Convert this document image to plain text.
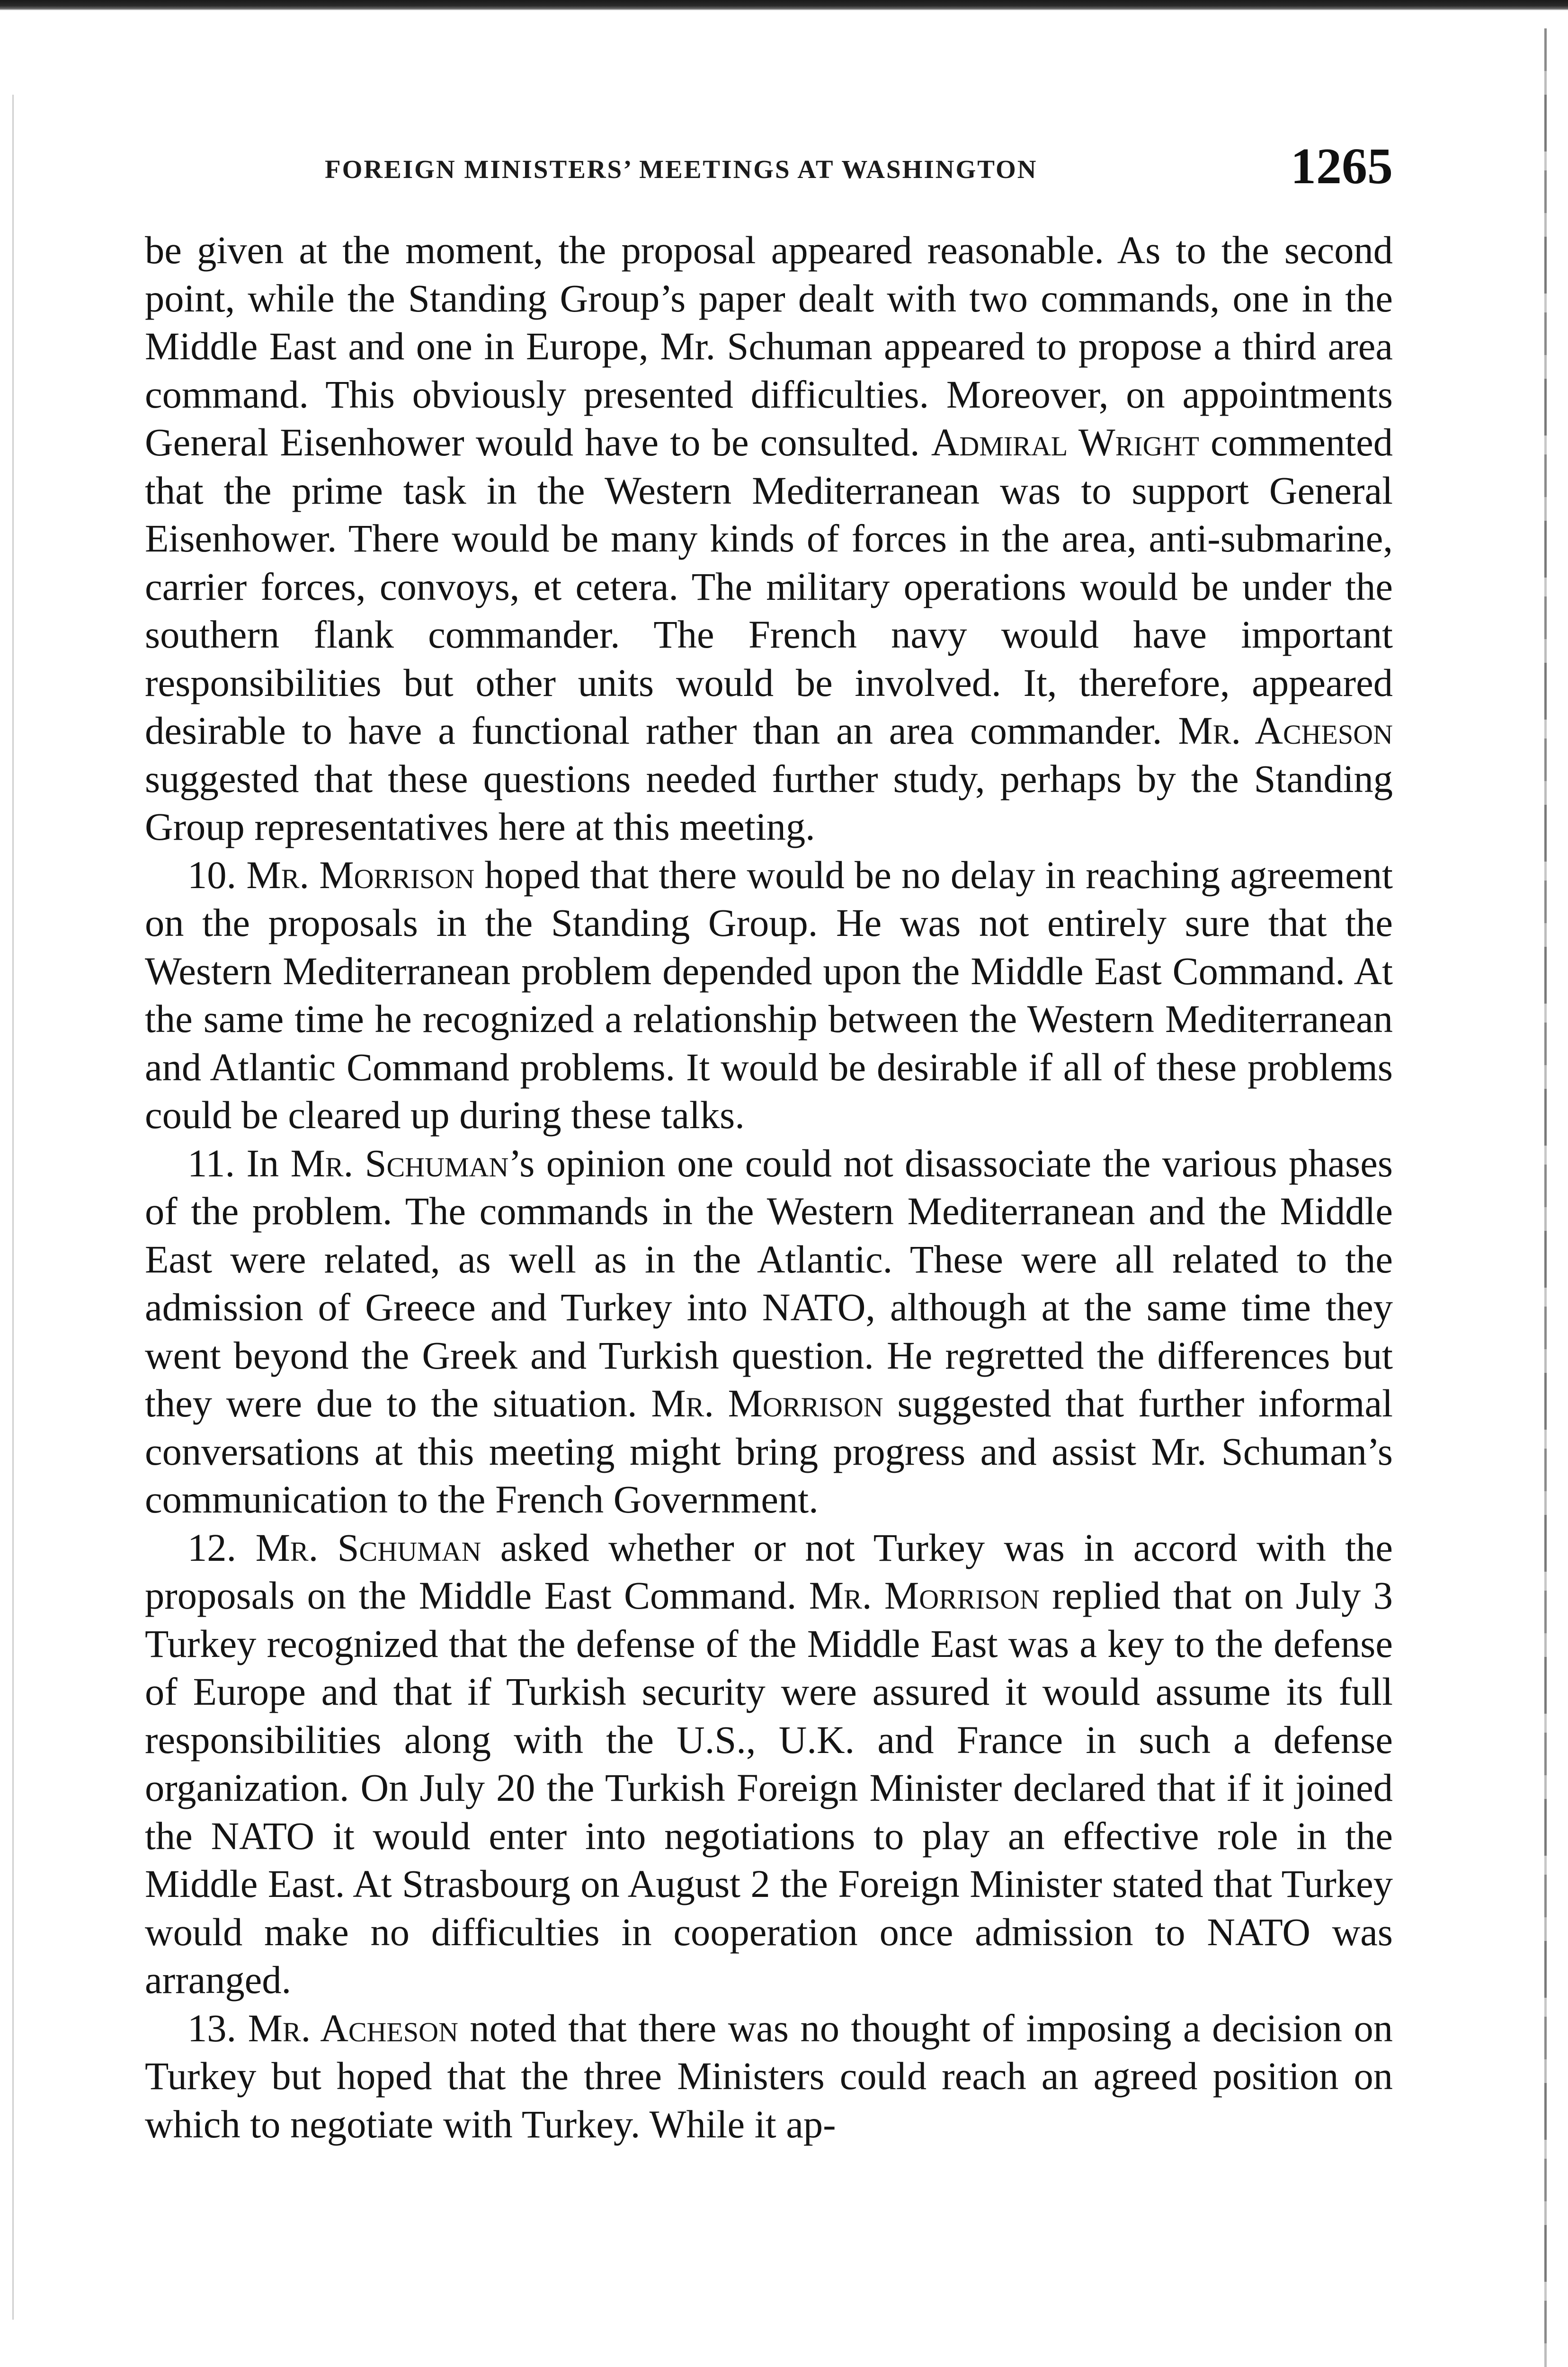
FOREIGN MINISTERS’ MEETINGS AT WASHINGTON	1265

be given at the moment, the proposal appeared reasonable. As to the second point, while the Standing Group’s paper dealt with two commands, one in the Middle East and one in Europe, Mr. Schuman appeared to propose a third area command. This obviously presented difficulties. Moreover, on appointments General Eisenhower would have to be consulted. Admiral Wright commented that the prime task in the Western Mediterranean was to support General Eisenhower. There would be many kinds of forces in the area, anti-submarine, carrier forces, convoys, et cetera. The military operations would be under the southern flank commander. The French navy would have important responsibilities but other units would be involved. It, therefore, appeared desirable to have a functional rather than an area commander. Mr. Acheson suggested that these questions needed further study, perhaps by the Standing Group representatives here at this meeting.

10. Mr. Morrison hoped that there would be no delay in reaching agreement on the proposals in the Standing Group. He was not entirely sure that the Western Mediterranean problem depended upon the Middle East Command. At the same time he recognized a relationship between the Western Mediterranean and Atlantic Command problems. It would be desirable if all of these problems could be cleared up during these talks.

11. In Mr. Schuman’s opinion one could not disassociate the various phases of the problem. The commands in the Western Mediterranean and the Middle East were related, as well as in the Atlantic. These were all related to the admission of Greece and Turkey into NATO, although at the same time they went beyond the Greek and Turkish question. He regretted the differences but they were due to the situation. Mr. Morrison suggested that further informal conversations at this meeting might bring progress and assist Mr. Schuman’s communication to the French Government.

12. Mr. Schuman asked whether or not Turkey was in accord with the proposals on the Middle East Command. Mr. Morrison replied that on July 3 Turkey recognized that the defense of the Middle East was a key to the defense of Europe and that if Turkish security were assured it would assume its full responsibilities along with the U.S., U.K. and France in such a defense organization. On July 20 the Turkish Foreign Minister declared that if it joined the NATO it would enter into negotiations to play an effective role in the Middle East. At Strasbourg on August 2 the Foreign Minister stated that Turkey would make no difficulties in cooperation once admission to NATO was arranged.

13. Mr. Acheson noted that there was no thought of imposing a decision on Turkey but hoped that the three Ministers could reach an agreed position on which to negotiate with Turkey. While it ap-
